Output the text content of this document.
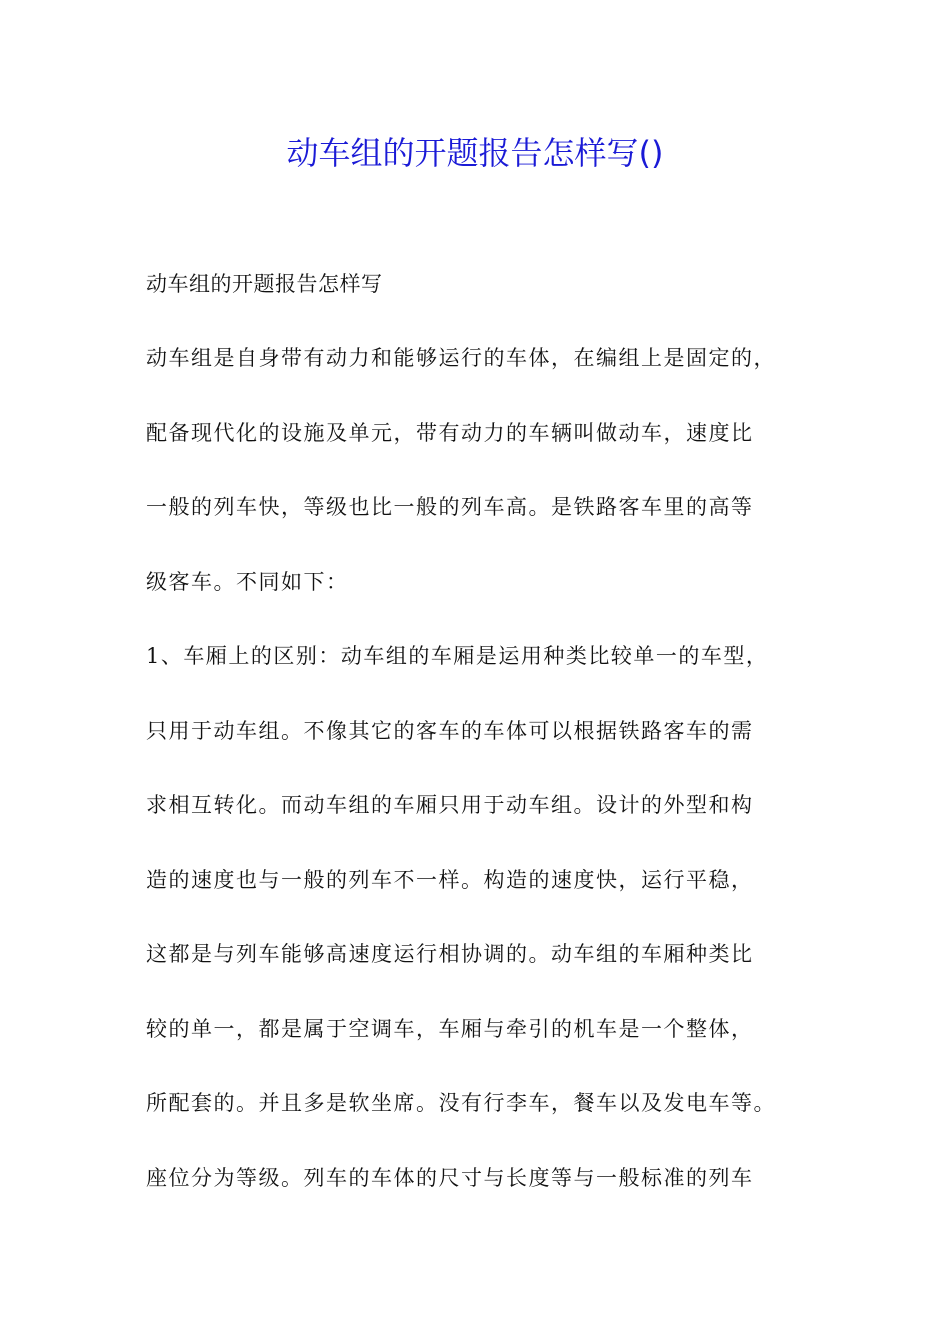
动车组的开题报告怎样写()

动车组的开题报告怎样写

动车组是自身带有动力和能够运行的车体，在编组上是固定的，

配备现代化的设施及单元，带有动力的车辆叫做动车，速度比

一般的列车快，等级也比一般的列车高。是铁路客车里的高等

级客车。不同如下：

1、车厢上的区别：动车组的车厢是运用种类比较单一的车型，

只用于动车组。不像其它的客车的车体可以根据铁路客车的需

求相互转化。而动车组的车厢只用于动车组。设计的外型和构

造的速度也与一般的列车不一样。构造的速度快，运行平稳，

这都是与列车能够高速度运行相协调的。动车组的车厢种类比

较的单一，都是属于空调车，车厢与牵引的机车是一个整体，

所配套的。并且多是软坐席。没有行李车，餐车以及发电车等。

座位分为等级。列车的车体的尺寸与长度等与一般标准的列车
